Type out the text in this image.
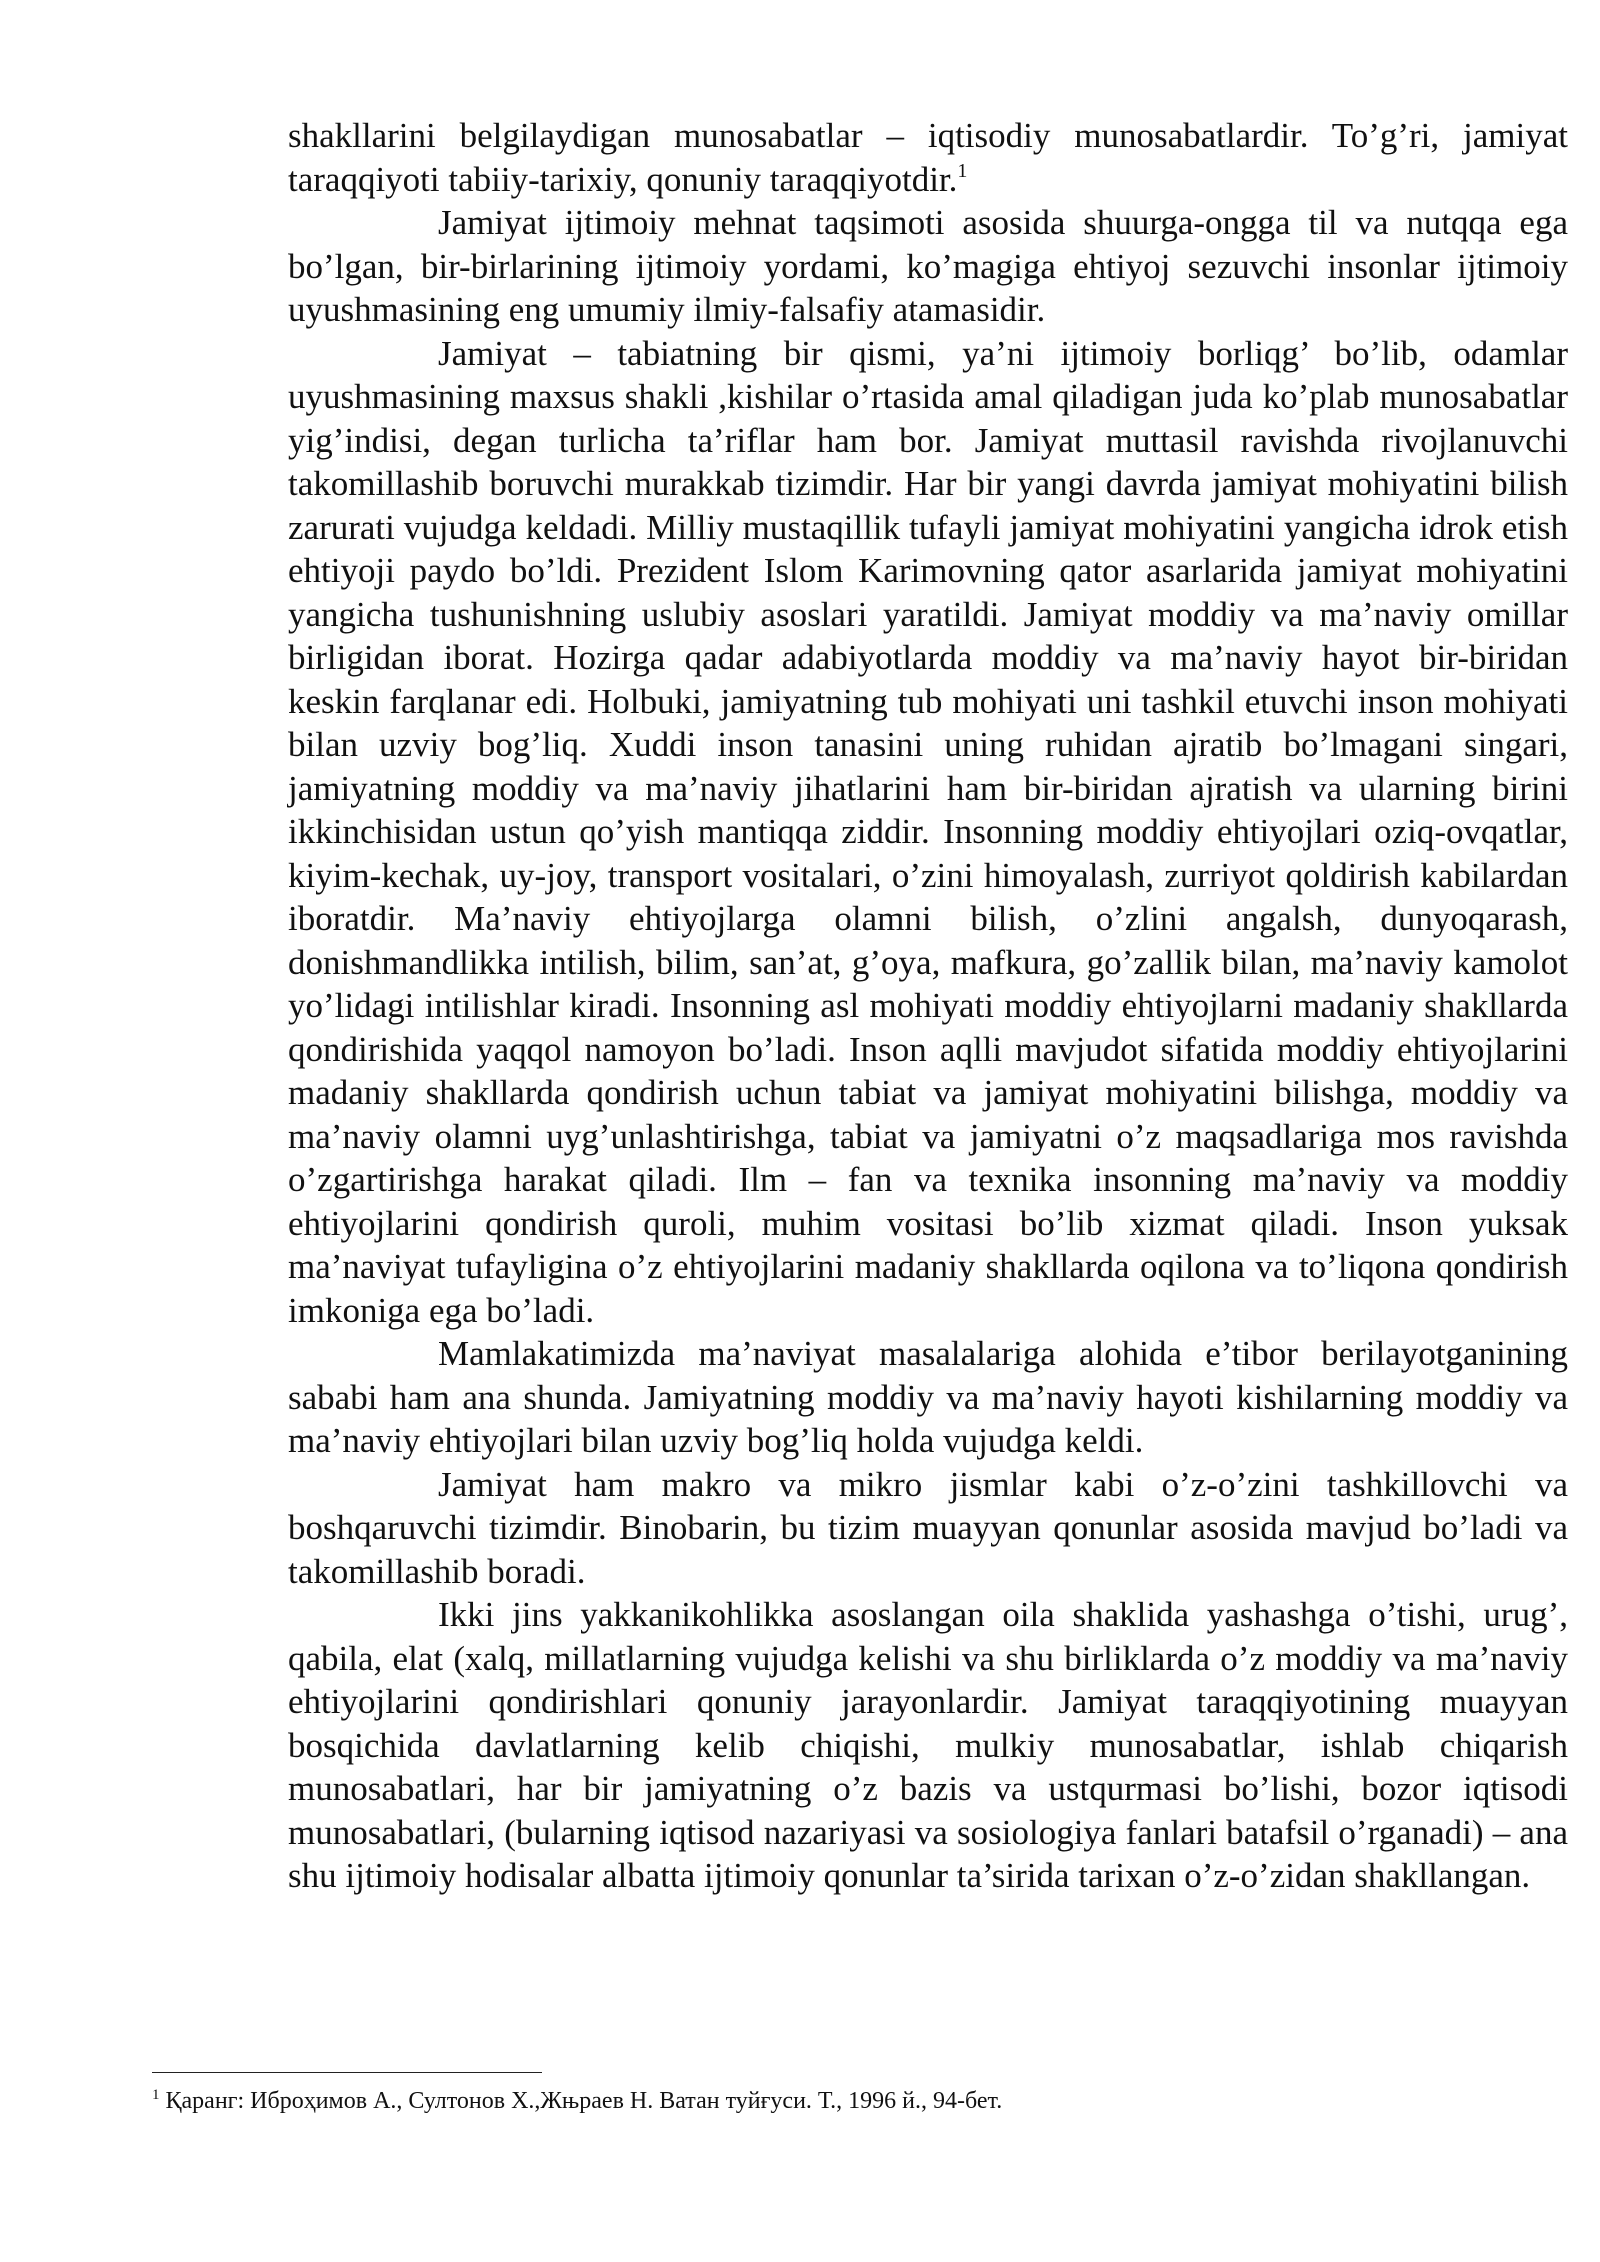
shakllarini belgilaydigan munosabatlar – iqtisodiy munosabatlardir. To’g’ri, jamiyat taraqqiyoti tabiiy-tarixiy, qonuniy taraqqiyotdir.$^1$

Jamiyat ijtimoiy mehnat taqsimoti asosida shuurga-ongga til va nutqqa ega bo’lgan, bir-birlarining ijtimoiy yordami, ko’magiga ehtiyoj sezuvchi insonlar ijtimoiy uyushmasining eng umumiy ilmiy-falsafiy atamasidir.

Jamiyat – tabiatning bir qismi, ya’ni ijtimoiy borliqg’ bo’lib, odamlar uyushmasining maxsus shakli ,kishilar o’rtasida amal qiladigan juda ko’plab munosabatlar yig’indisi, degan turlicha ta’riflar ham bor. Jamiyat muttasil ravishda rivojlanuvchi takomillashib boruvchi murakkab tizimdir. Har bir yangi davrda jamiyat mohiyatini bilish zarurati vujudga keldadi. Milliy mustaqillik tufayli jamiyat mohiyatini yangicha idrok etish ehtiyoji paydo bo’ldi. Prezident Islom Karimovning qator asarlarida jamiyat mohiyatini yangicha tushunishning uslubiy asoslari yaratildi. Jamiyat moddiy va ma’naviy omillar birligidan iborat. Hozirga qadar adabiyotlarda moddiy va ma’naviy hayot bir-biridan keskin farqlanar edi. Holbuki, jamiyatning tub mohiyati uni tashkil etuvchi inson mohiyati bilan uzviy bog’liq. Xuddi inson tanasini uning ruhidan ajratib bo’lmagani singari, jamiyatning moddiy va ma’naviy jihatlarini ham bir-biridan ajratish va ularning birini ikkinchisidan ustun qo’yish mantiqqa ziddir. Insonning moddiy ehtiyojlari oziq-ovqatlar, kiyim-kechak, uy-joy, transport vositalari, o’zini himoyalash, zurriyot qoldirish kabilardan iboratdir. Ma’naviy ehtiyojlarga olamni bilish, o’zlini angalsh, dunyoqarash, donishmandlikka intilish, bilim, san’at, g’oya, mafkura, go’zallik bilan, ma’naviy kamolot yo’lidagi intilishlar kiradi. Insonning asl mohiyati moddiy ehtiyojlarni madaniy shakllarda qondirishida yaqqol namoyon bo’ladi. Inson aqlli mavjudot sifatida moddiy ehtiyojlarini madaniy shakllarda qondirish uchun tabiat va jamiyat mohiyatini bilishga, moddiy va ma’naviy olamni uyg’unlashtirishga, tabiat va jamiyatni o’z maqsadlariga mos ravishda o’zgartirishga harakat qiladi. Ilm – fan va texnika insonning ma’naviy va moddiy ehtiyojlarini qondirish quroli, muhim vositasi bo’lib xizmat qiladi. Inson yuksak ma’naviyat tufayligina o’z ehtiyojlarini madaniy shakllarda oqilona va to’liqona qondirish imkoniga ega bo’ladi.

Mamlakatimizda ma’naviyat masalalariga alohida e’tibor berilayotganining sababi ham ana shunda. Jamiyatning moddiy va ma’naviy hayoti kishilarning moddiy va ma’naviy ehtiyojlari bilan uzviy bog’liq holda vujudga keldi.

Jamiyat ham makro va mikro jismlar kabi o’z-o’zini tashkillovchi va boshqaruvchi tizimdir. Binobarin, bu tizim muayyan qonunlar asosida mavjud bo’ladi va takomillashib boradi.

Ikki jins yakkanikohlikka asoslangan oila shaklida yashashga o’tishi, urug’, qabila, elat (xalq, millatlarning vujudga kelishi va shu birliklarda o’z moddiy va ma’naviy ehtiyojlarini qondirishlari qonuniy jarayonlardir. Jamiyat taraqqiyotining muayyan bosqichida davlatlarning kelib chiqishi, mulkiy munosabatlar, ishlab chiqarish munosabatlari, har bir jamiyatning o’z bazis va ustqurmasi bo’lishi, bozor iqtisodi munosabatlari, (bularning iqtisod nazariyasi va sosiologiya fanlari batafsil o’rganadi) – ana shu ijtimoiy hodisalar albatta ijtimoiy qonunlar ta’sirida tarixan o’z-o’zidan shakllangan.

$^1$ Қаранг: Иброҳимов А., Султонов Х.,Жњраев Н. Ватан туйғуси. Т., 1996 й., 94-бет.
